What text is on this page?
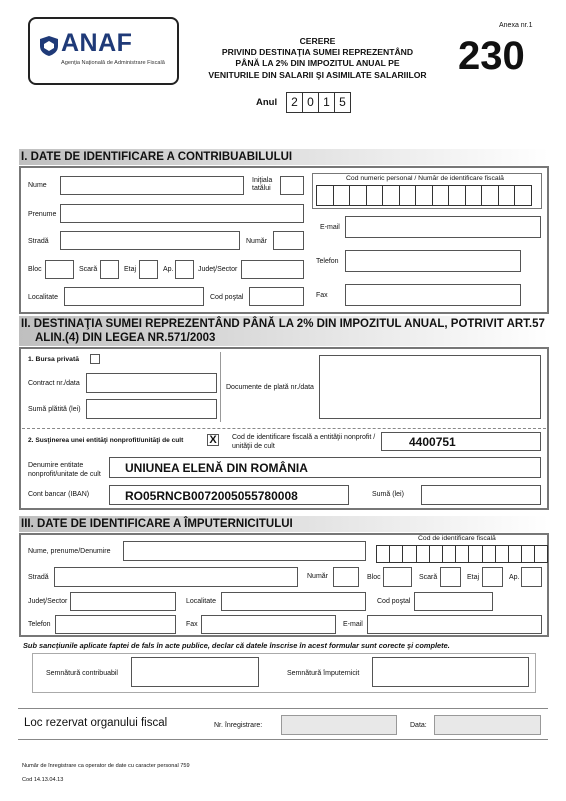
ANAF
Agenţia Naţională de Administrare Fiscală
CERERE
PRIVIND DESTINAŢIA SUMEI REPREZENTÂND
PÂNĂ LA 2% DIN IMPOZITUL ANUAL PE
VENITURILE DIN SALARII ŞI ASIMILATE SALARIILOR
Anexa nr.1
230
Anul	2 0 1 5
I. DATE DE IDENTIFICARE A CONTRIBUABILULUI
Nume
Iniţiala
tatălui
Prenume
Stradă	Număr
Bloc	Scară	Etaj	Ap.	Judeţ/Sector
Localitate	Cod poştal
Cod numeric personal / Număr de identificare fiscală
E-mail
Telefon
Fax
II. DESTINAŢIA SUMEI REPREZENTÂND PÂNĂ LA 2% DIN IMPOZITUL ANUAL, POTRIVIT ART.57
ALIN.(4) DIN LEGEA NR.571/2003
1. Bursa privată
Contract nr./data
Sumă plătită (lei)
Documente de plată nr./data
2. Susţinerea unei entităţi nonprofit/unităţi de cult X	Cod de identificare fiscală a entităţii nonprofit /
unităţii de cult	4400751
Denumire entitate
nonprofit/unitate de cult UNIUNEA ELENĂ DIN ROMÂNIA
Cont bancar (IBAN)	RO05RNCB0072005055780008	Sumă (lei)
III. DATE DE IDENTIFICARE A ÎMPUTERNICITULUI
Nume, prenume/Denumire
Cod de identificare fiscală
Stradă	Număr	Bloc	Scară	Etaj	Ap.
Judeţ/Sector	Localitate	Cod poştal
Telefon	Fax	E-mail
Sub sancţiunile aplicate faptei de fals în acte publice, declar că datele înscrise în acest formular sunt corecte şi complete.
Semnătură contribuabil	Semnătură împuternicit
Loc rezervat organului fiscal	Nr. înregistrare:	Data:
Număr de înregistrare ca operator de date cu caracter personal 759
Cod 14.13.04.13
